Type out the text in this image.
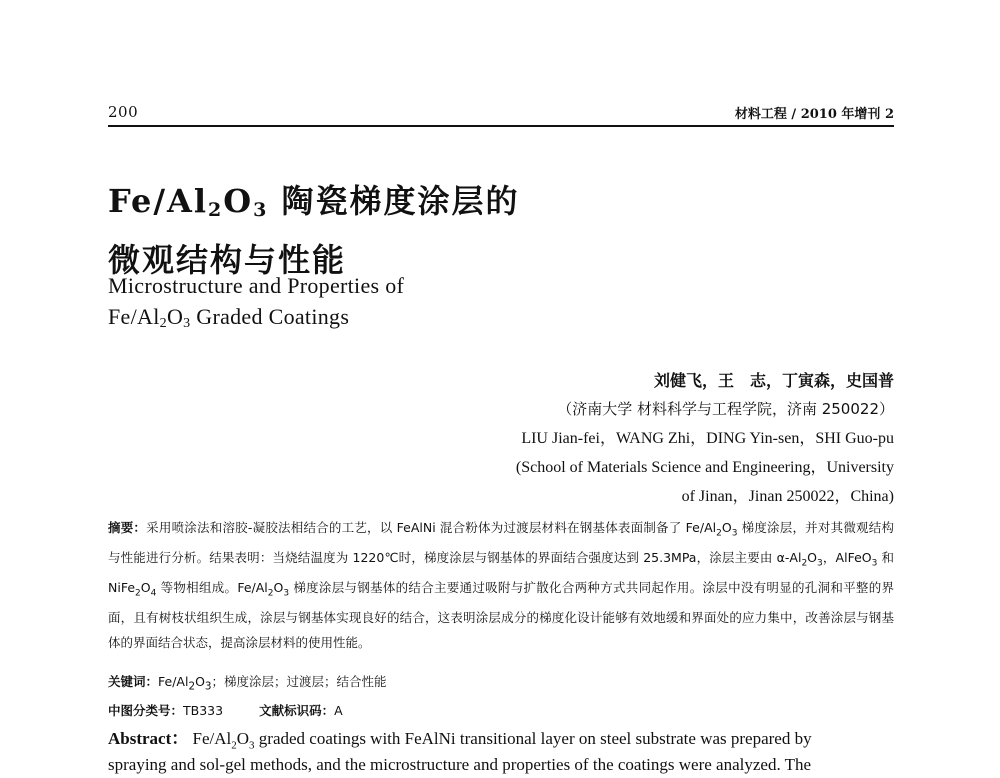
200	材料工程 / 2010 年增刊 2
$Fe/Al_2O_3$ 陶瓷梯度涂层的
微观结构与性能
Microstructure and Properties of
$Fe/Al_2O_3$ Graded Coatings
刘健飞，王　志，丁寅森，史国普
（济南大学 材料科学与工程学院，济南 250022）
LIU Jian-fei，WANG Zhi，DING Yin-sen，SHI Guo-pu
(School of Materials Science and Engineering，University
of Jinan，Jinan 250022，China)
摘要：采用喷涂法和溶胶-凝胶法相结合的工艺，以 FeAlNi 混合粉体为过渡层材料在钢基体表面制备了 $Fe/Al_2O_3$ 梯度涂层，并对其微观结构与性能进行分析。结果表明：当烧结温度为 1220℃时，梯度涂层与钢基体的界面结合强度达到 25.3MPa，涂层主要由 $\alpha-Al_2O_3$，AlFeO$_3$ 和 $NiFe_2O_4$ 等物相组成。$Fe/Al_2O_3$ 梯度涂层与钢基体的结合主要通过吸附与扩散化合两种方式共同起作用。涂层中没有明显的孔洞和平整的界面，且有树枝状组织生成，涂层与钢基体实现良好的结合，这表明涂层成分的梯度化设计能够有效地缓和界面处的应力集中，改善涂层与钢基体的界面结合状态，提高涂层材料的使用性能。
关键词：$Fe/Al_2O_3$；梯度涂层；过渡层；结合性能
中图分类号：TB333	文献标识码：A
Abstract： $Fe/Al_2O_3$ graded coatings with FeAlNi transitional layer on steel substrate was prepared by
spraying and sol-gel methods, and the microstructure and properties of the coatings were analyzed. The
